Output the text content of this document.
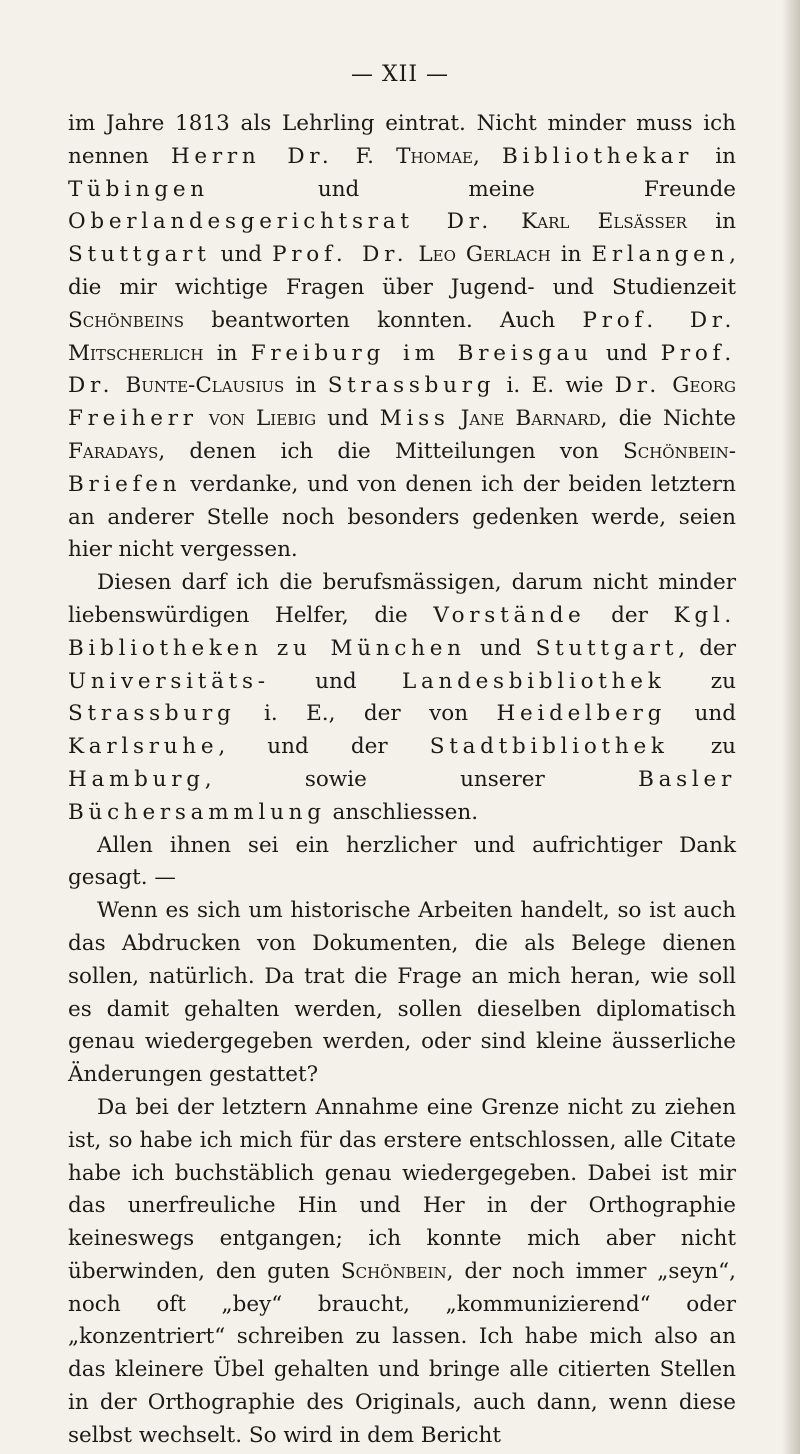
— XII —

im Jahre 1813 als Lehrling eintrat. Nicht minder muss ich nennen Herrn Dr. F. Thomae, Bibliothekar in Tübingen und meine Freunde Oberlandesgerichtsrat Dr. Karl Elsässer in Stuttgart und Prof. Dr. Leo Gerlach in Erlangen, die mir wichtige Fragen über Jugend- und Studienzeit Schönbeins beantworten konnten. Auch Prof. Dr. Mitscherlich in Freiburg im Breisgau und Prof. Dr. Bunte-Clausius in Strassburg i. E. wie Dr. Georg Freiherr von Liebig und Miss Jane Barnard, die Nichte Faradays, denen ich die Mitteilungen von Schönbein-Briefen verdanke, und von denen ich der beiden letztern an anderer Stelle noch besonders gedenken werde, seien hier nicht vergessen.

Diesen darf ich die berufsmässigen, darum nicht minder liebenswürdigen Helfer, die Vorstände der Kgl. Bibliotheken zu München und Stuttgart, der Universitäts- und Landesbibliothek zu Strassburg i. E., der von Heidelberg und Karlsruhe, und der Stadtbibliothek zu Hamburg, sowie unserer Basler Büchersammlung anschliessen.

Allen ihnen sei ein herzlicher und aufrichtiger Dank gesagt. —

Wenn es sich um historische Arbeiten handelt, so ist auch das Abdrucken von Dokumenten, die als Belege dienen sollen, natürlich. Da trat die Frage an mich heran, wie soll es damit gehalten werden, sollen dieselben diplomatisch genau wiedergegeben werden, oder sind kleine äusserliche Änderungen gestattet?

Da bei der letztern Annahme eine Grenze nicht zu ziehen ist, so habe ich mich für das erstere entschlossen, alle Citate habe ich buchstäblich genau wiedergegeben. Dabei ist mir das unerfreuliche Hin und Her in der Orthographie keineswegs entgangen; ich konnte mich aber nicht überwinden, den guten Schönbein, der noch immer „seyn“, noch oft „bey“ braucht, „kommunizierend“ oder „konzentriert“ schreiben zu lassen. Ich habe mich also an das kleinere Übel gehalten und bringe alle citierten Stellen in der Orthographie des Originals, auch dann, wenn diese selbst wechselt. So wird in dem Bericht
